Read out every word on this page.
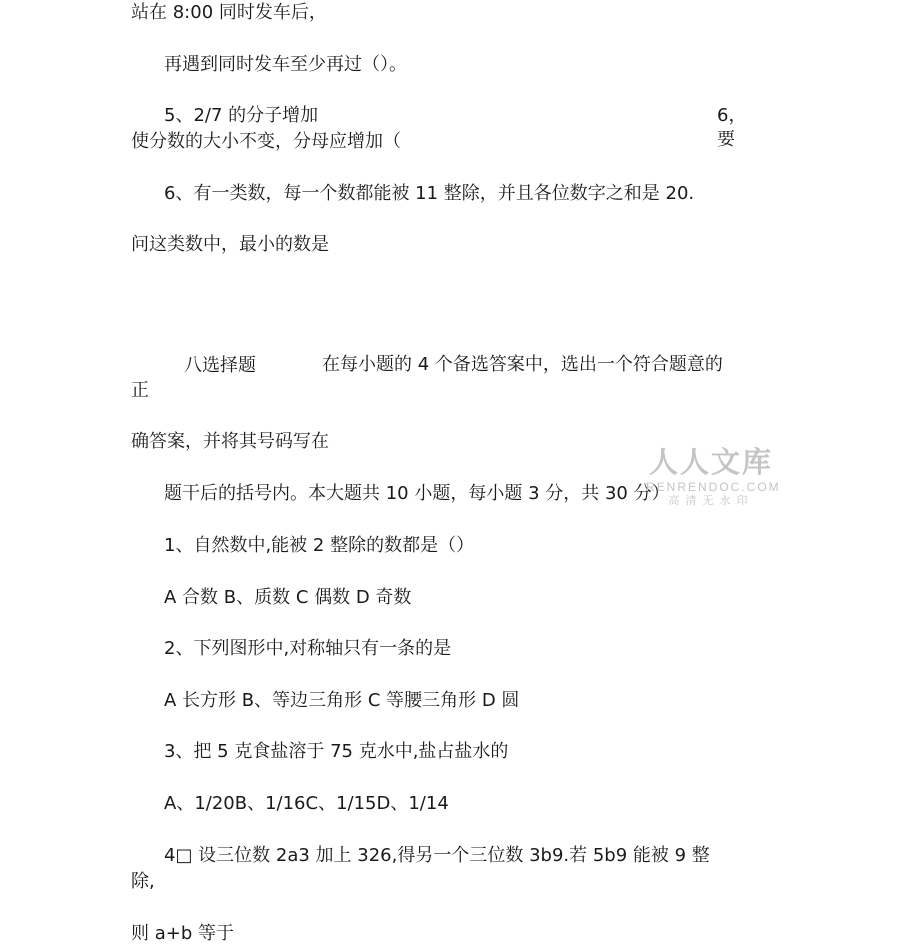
站在 8:00 同时发车后，
再遇到同时发车至少再过（）。
5、2/7 的分子增加	6，
使分数的大小不变，分母应增加（	要
6、有一类数，每一个数都能被 11 整除，并且各位数字之和是 20.
问这类数中，最小的数是
八选择题	在每小题的 4 个备选答案中，选出一个符合题意的
正
确答案，并将其号码写在
题干后的括号内。本大题共 10 小题，每小题 3 分，共 30 分）
1、自然数中,能被 2 整除的数都是（）
A 合数 B、质数 C 偶数 D 奇数
2、下列图形中,对称轴只有一条的是
A 长方形 B、等边三角形 C 等腰三角形 D 圆
3、把 5 克食盐溶于 75 克水中,盐占盐水的
A、1/20B、1/16C、1/15D、1/14
4□ 设三位数 2a3 加上 326,得另一个三位数 3b9.若 5b9 能被 9 整
除,
则 a+b 等于
人人文库
RENRENDOC.COM
高清无水印
